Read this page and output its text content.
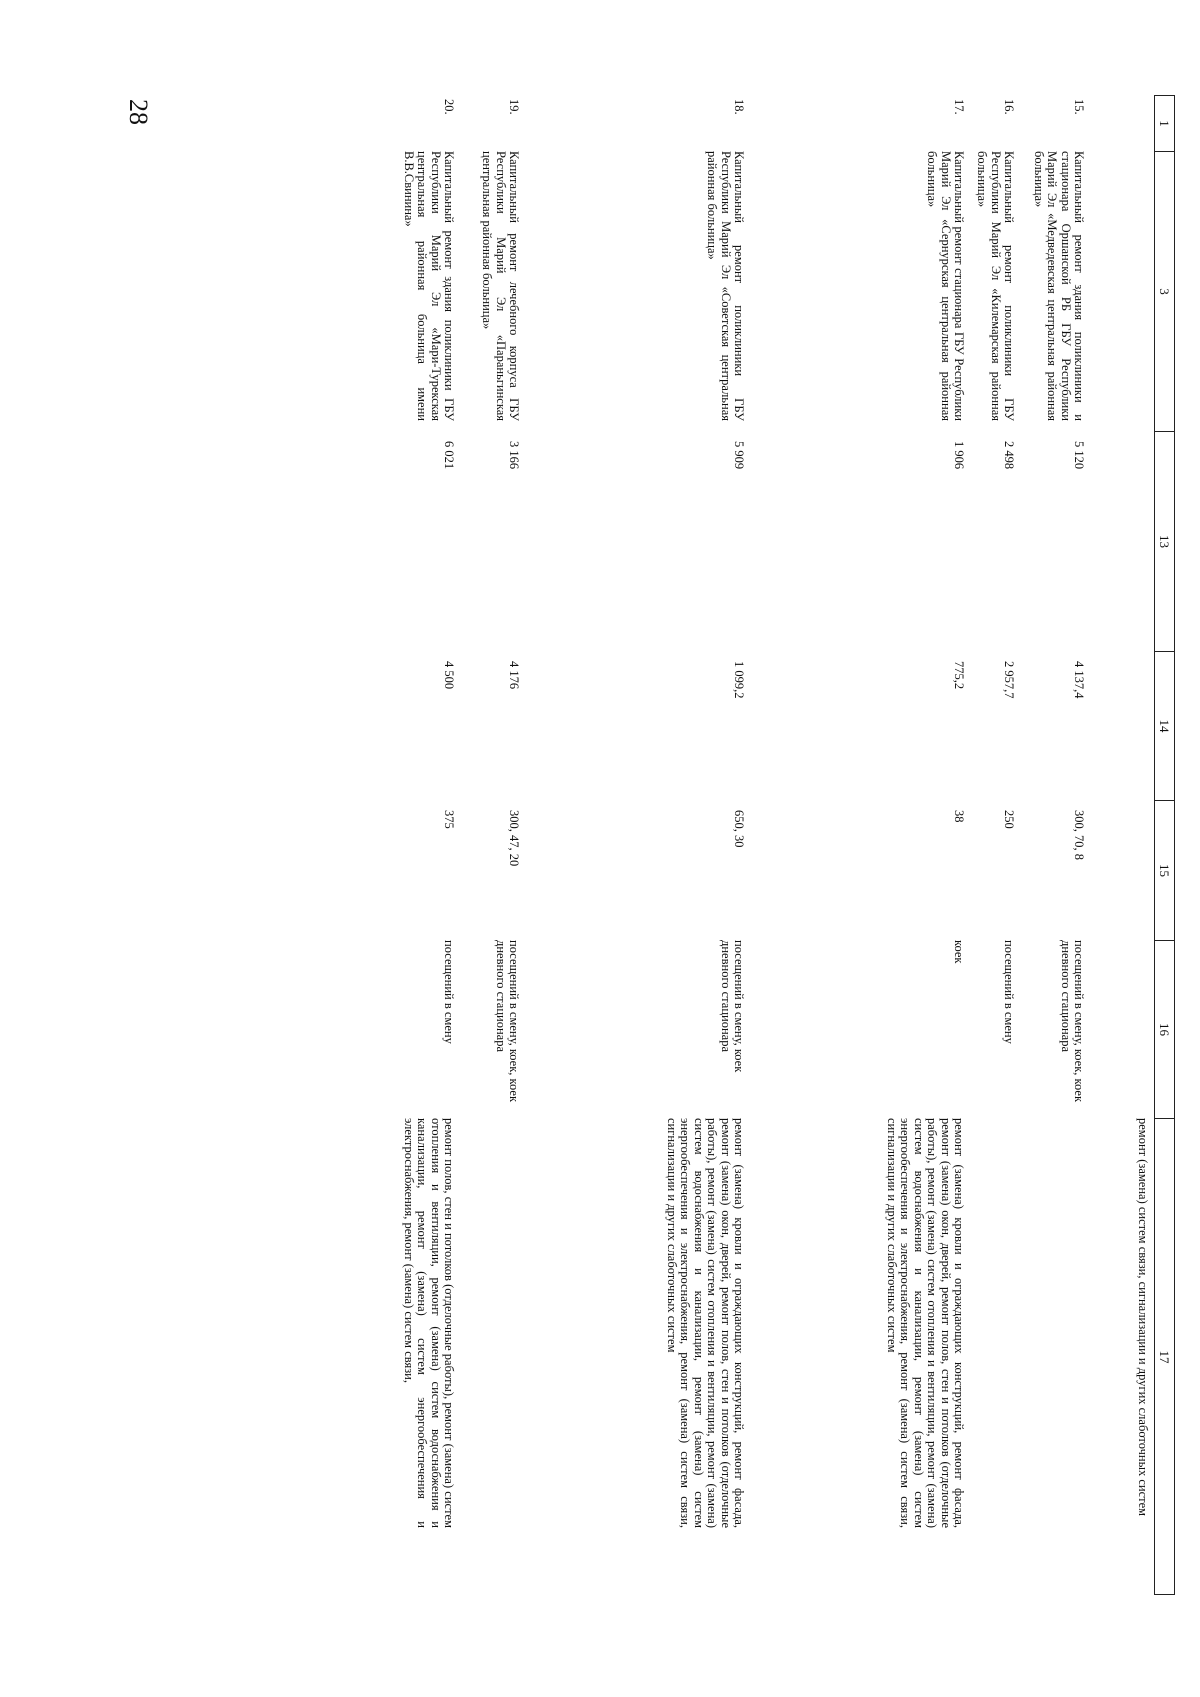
28	1
3
13
14
15
16
17
ремонт (замена) систем связи, сигнализации и других слаботочных систем
15.
Капитальный ремонт здания поликлиники и стационара Оршанской РБ ГБУ Республики Марий Эл «Медведевская центральная районная больница»
5 120
4 137,4
300, 70, 8
посещений в смену, коек, коек дневного стационара
16.
Капитальный ремонт поликлиники ГБУ Республики Марий Эл «Килемарская районная больница»
2 498
2 957,7
250
посещений в смену
17.
Капитальный ремонт стационара ГБУ Республики Марий Эл «Сернурская центральная районная больница»
1 906
775,2
38
коек
ремонт (замена) кровли и ограждающих конструкций, ремонт фасада, ремонт (замена) окон, дверей, ремонт полов, стен и потолков (отделочные работы), ремонт (замена) систем отопления и вентиляции, ремонт (замена) систем водоснабжения и канализации, ремонт (замена) систем энергообеспечения и электроснабжения, ремонт (замена) систем связи, сигнализации и других слаботочных систем
18.
Капитальный ремонт поликлиники ГБУ Республики Марий Эл «Советская центральная районная больница»
5 909
1 099,2
650, 30
посещений в смену, коек дневного стационара
ремонт (замена) кровли и ограждающих конструкций, ремонт фасада, ремонт (замена) окон, дверей, ремонт полов, стен и потолков (отделочные работы), ремонт (замена) систем отопления и вентиляции, ремонт (замена) систем водоснабжения и канализации, ремонт (замена) систем энергообеспечения и электроснабжения, ремонт (замена) систем связи, сигнализации и других слаботочных систем
19.
Капитальный ремонт лечебного корпуса ГБУ Республики Марий Эл «Параньгинская центральная районная больница»
3 166
4 176
300, 47, 20
посещений в смену, коек, коек дневного стационара
20.
Капитальный ремонт здания поликлиники ГБУ Республики Марий Эл «Мари-Турекская центральная районная больница имени В.В.Свинина»
6 021
4 500
375
посещений в смену
ремонт полов, стен и потолков (отделочные работы), ремонт (замена) систем отопления и вентиляции, ремонт (замена) систем водоснабжения и канализации, ремонт (замена) систем энергообеспечения и электроснабжения, ремонт (замена) систем связи,
